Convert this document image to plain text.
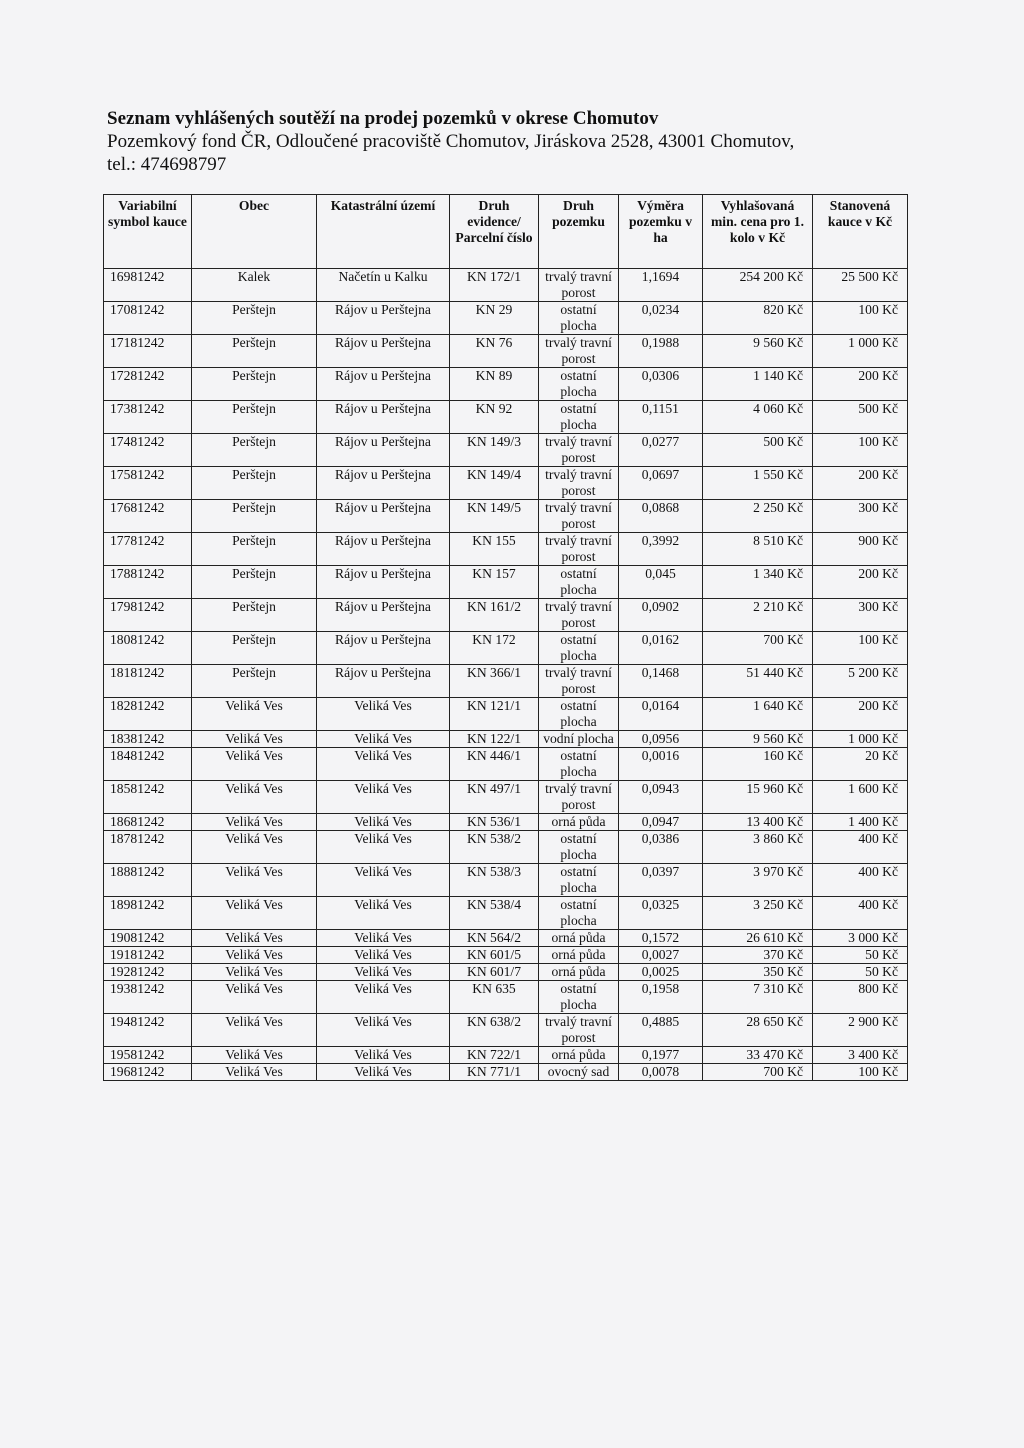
Seznam vyhlášených soutěží na prodej pozemků v okrese Chomutov
Pozemkový fond ČR, Odloučené pracoviště Chomutov, Jiráskova 2528, 43001 Chomutov,
tel.: 474698797
Variabilní symbol kauce	Obec	Katastrální území	Druh evidence/ Parcelní číslo	Druh pozemku	Výměra pozemku v ha	Vyhlašovaná min. cena pro 1. kolo v Kč	Stanovená kauce v Kč
16981242	Kalek	Načetín u Kalku	KN 172/1	trvalý travní porost	1,1694	254 200 Kč	25 500 Kč
17081242	Perštejn	Rájov u Perštejna	KN 29	ostatní plocha	0,0234	820 Kč	100 Kč
17181242	Perštejn	Rájov u Perštejna	KN 76	trvalý travní porost	0,1988	9 560 Kč	1 000 Kč
17281242	Perštejn	Rájov u Perštejna	KN 89	ostatní plocha	0,0306	1 140 Kč	200 Kč
17381242	Perštejn	Rájov u Perštejna	KN 92	ostatní plocha	0,1151	4 060 Kč	500 Kč
17481242	Perštejn	Rájov u Perštejna	KN 149/3	trvalý travní porost	0,0277	500 Kč	100 Kč
17581242	Perštejn	Rájov u Perštejna	KN 149/4	trvalý travní porost	0,0697	1 550 Kč	200 Kč
17681242	Perštejn	Rájov u Perštejna	KN 149/5	trvalý travní porost	0,0868	2 250 Kč	300 Kč
17781242	Perštejn	Rájov u Perštejna	KN 155	trvalý travní porost	0,3992	8 510 Kč	900 Kč
17881242	Perštejn	Rájov u Perštejna	KN 157	ostatní plocha	0,045	1 340 Kč	200 Kč
17981242	Perštejn	Rájov u Perštejna	KN 161/2	trvalý travní porost	0,0902	2 210 Kč	300 Kč
18081242	Perštejn	Rájov u Perštejna	KN 172	ostatní plocha	0,0162	700 Kč	100 Kč
18181242	Perštejn	Rájov u Perštejna	KN 366/1	trvalý travní porost	0,1468	51 440 Kč	5 200 Kč
18281242	Veliká Ves	Veliká Ves	KN 121/1	ostatní plocha	0,0164	1 640 Kč	200 Kč
18381242	Veliká Ves	Veliká Ves	KN 122/1	vodní plocha	0,0956	9 560 Kč	1 000 Kč
18481242	Veliká Ves	Veliká Ves	KN 446/1	ostatní plocha	0,0016	160 Kč	20 Kč
18581242	Veliká Ves	Veliká Ves	KN 497/1	trvalý travní porost	0,0943	15 960 Kč	1 600 Kč
18681242	Veliká Ves	Veliká Ves	KN 536/1	orná půda	0,0947	13 400 Kč	1 400 Kč
18781242	Veliká Ves	Veliká Ves	KN 538/2	ostatní plocha	0,0386	3 860 Kč	400 Kč
18881242	Veliká Ves	Veliká Ves	KN 538/3	ostatní plocha	0,0397	3 970 Kč	400 Kč
18981242	Veliká Ves	Veliká Ves	KN 538/4	ostatní plocha	0,0325	3 250 Kč	400 Kč
19081242	Veliká Ves	Veliká Ves	KN 564/2	orná půda	0,1572	26 610 Kč	3 000 Kč
19181242	Veliká Ves	Veliká Ves	KN 601/5	orná půda	0,0027	370 Kč	50 Kč
19281242	Veliká Ves	Veliká Ves	KN 601/7	orná půda	0,0025	350 Kč	50 Kč
19381242	Veliká Ves	Veliká Ves	KN 635	ostatní plocha	0,1958	7 310 Kč	800 Kč
19481242	Veliká Ves	Veliká Ves	KN 638/2	trvalý travní porost	0,4885	28 650 Kč	2 900 Kč
19581242	Veliká Ves	Veliká Ves	KN 722/1	orná půda	0,1977	33 470 Kč	3 400 Kč
19681242	Veliká Ves	Veliká Ves	KN 771/1	ovocný sad	0,0078	700 Kč	100 Kč
